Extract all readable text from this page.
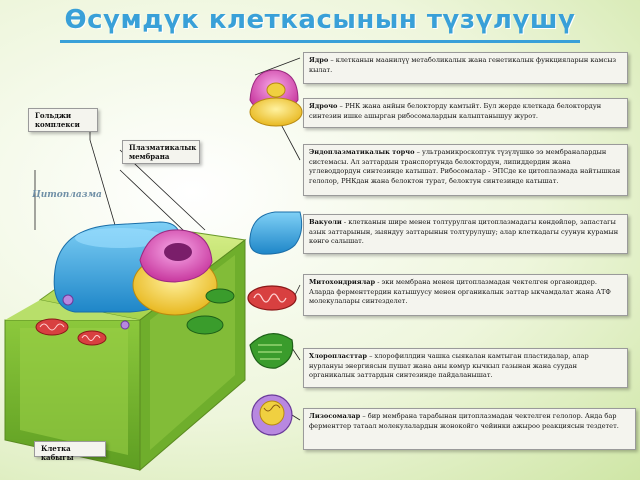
Өсүмдүк клеткасынын түзүлүшү
Гольджи комплекси
Плазматикалык мембрана
Цитоплазма
Клетка кабыгы
Ядро – клетканын маанилүү метаболикалык жана генетикалык функцияларын камсыз кылат.
Ядрочо – РНК жана анйын белокторду камтыйт. Бул жерде клеткада белоктордун синтезин ишке ашырган рибосомалардын калыптанышуу журот.
Эндоплазматикалык торчо – ультрамикроскоптук түзүлүшкө ээ мембраналардын системасы. Ал заттардын транспортунда белоктордун, липиддердин жана углеводдордун синтезинде катышат. Рибосомалар - ЭПСде ке цитоплазмада найтышкан гелолор, РНКдан жана белоктон турат, белоктун синтезинде катышат.
Вакуоли - клетканын ширe менен толтурулган цитоплазмадагы көндөйлөр, запастагы азык заттарынын, зыяндуу заттарынын толтурулушу; алар клеткадагы суунун курамын көнгө салышат.
Митохондриялар - эки мембрана менен цитоплазмадан чектелген органоиддер. Аларда ферменттердин катышуусу менен органикалык заттар ыкчамдалат жана АТФ молекулалары синтезделет.
Хлоропласттар – хлорофиллдин чашка сыякалан камтыган пластидалар, алар нурлануы энергиясын пушат жана аны көмүр кычкыл газынан жана суудан органикалык заттардын синтезинде пайдаланышат.
Лизосомалар – бир мембрана тарабынан цитоплазмадан чектелген гелолор. Анда бар ферменттер татаал молекулалардын жонокойго чейинки ажыроо реакциясын тездетет.
